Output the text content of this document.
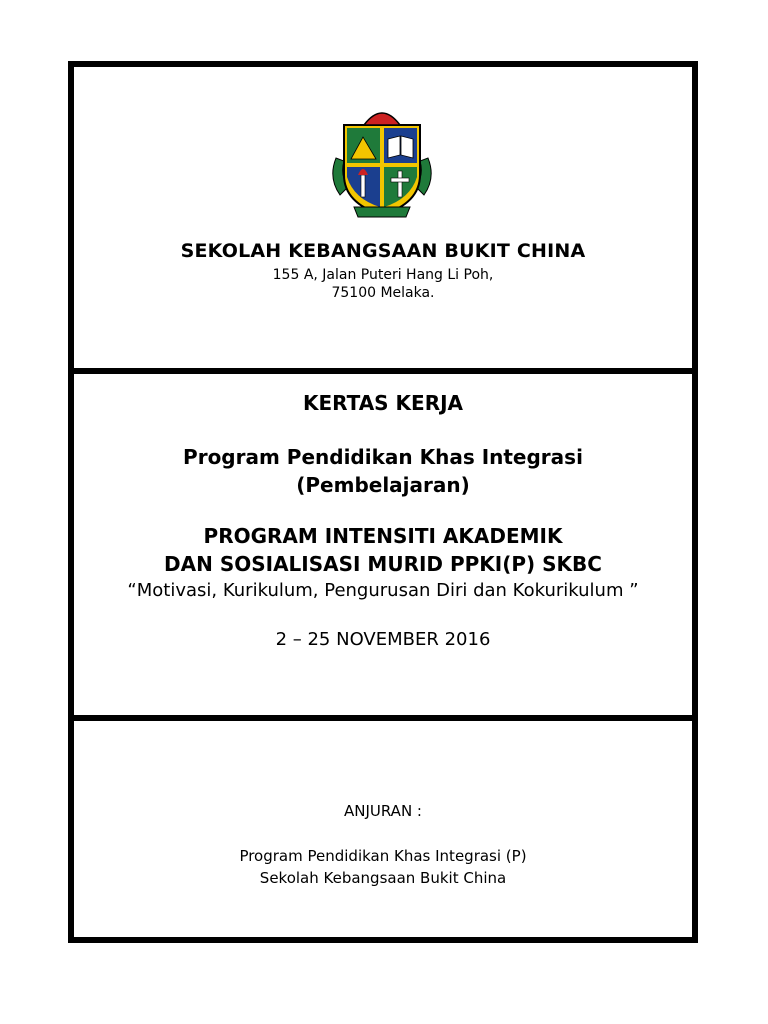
SEKOLAH KEBANGSAAN BUKIT CHINA
155 A, Jalan Puteri Hang Li Poh,
75100 Melaka.
KERTAS KERJA
Program Pendidikan Khas Integrasi
(Pembelajaran)
PROGRAM INTENSITI AKADEMIK
DAN SOSIALISASI MURID PPKI(P) SKBC
“Motivasi, Kurikulum, Pengurusan Diri dan Kokurikulum ”
2 – 25 NOVEMBER 2016
ANJURAN :
Program Pendidikan Khas Integrasi (P)
Sekolah Kebangsaan Bukit China
